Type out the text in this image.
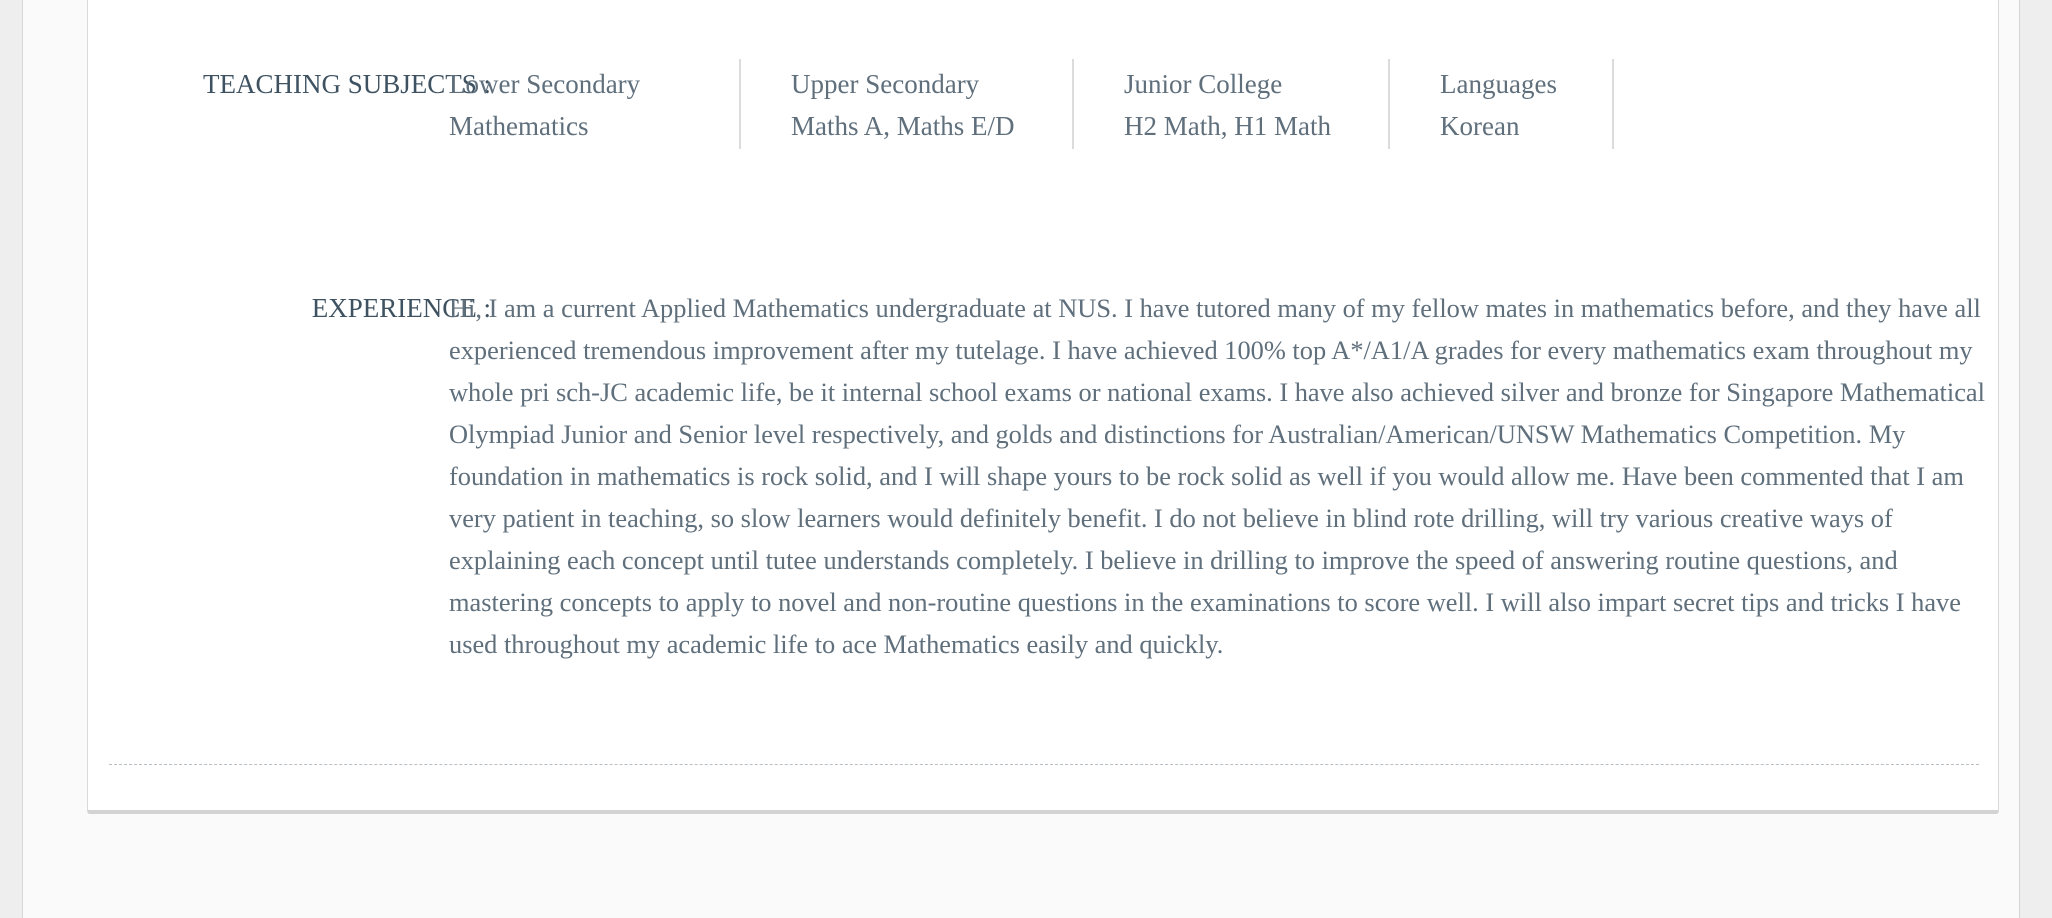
TEACHING SUBJECTS :
Lower Secondary
Mathematics
Upper Secondary
Maths A, Maths E/D
Junior College
H2 Math, H1 Math
Languages
Korean
EXPERIENCE :

Hi, I am a current Applied Mathematics undergraduate at NUS. I have tutored many of my fellow mates in mathematics before, and they have all experienced tremendous improvement after my tutelage. I have achieved 100% top A*/A1/A grades for every mathematics exam throughout my whole pri sch-JC academic life, be it internal school exams or national exams. I have also achieved silver and bronze for Singapore Mathematical Olympiad Junior and Senior level respectively, and golds and distinctions for Australian/American/UNSW Mathematics Competition. My foundation in mathematics is rock solid, and I will shape yours to be rock solid as well if you would allow me. Have been commented that I am very patient in teaching, so slow learners would definitely benefit. I do not believe in blind rote drilling, will try various creative ways of explaining each concept until tutee understands completely. I believe in drilling to improve the speed of answering routine questions, and mastering concepts to apply to novel and non-routine questions in the examinations to score well. I will also impart secret tips and tricks I have used throughout my academic life to ace Mathematics easily and quickly.
